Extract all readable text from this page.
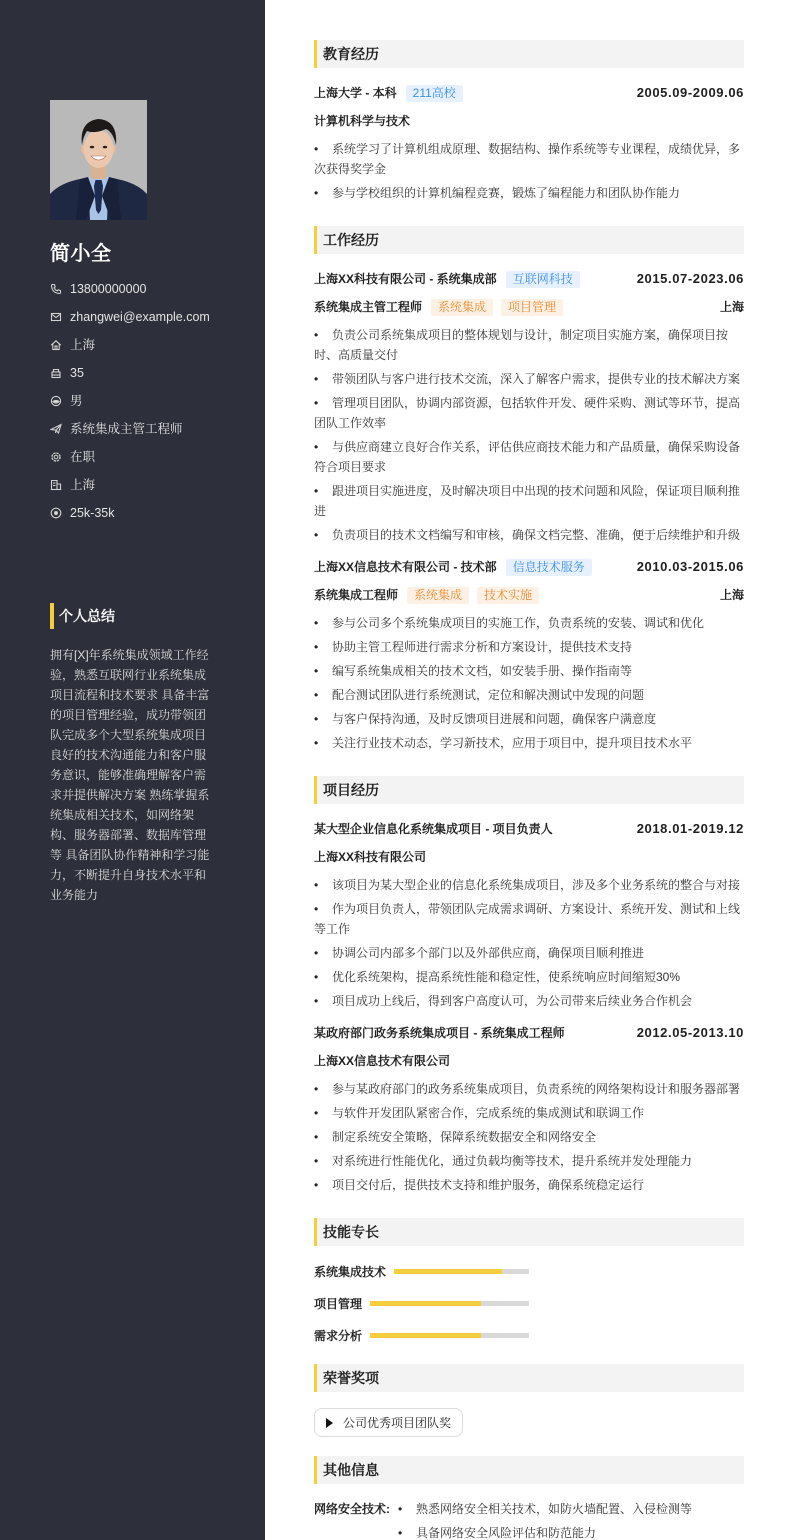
简小全
13800000000
zhangwei@example.com
上海
35
男
系统集成主管工程师
在职
上海
25k-35k
个人总结

拥有[X]年系统集成领域工作经验，熟悉互联网行业系统集成项目流程和技术要求 具备丰富的项目管理经验，成功带领团队完成多个大型系统集成项目 良好的技术沟通能力和客户服务意识，能够准确理解客户需求并提供解决方案 熟练掌握系统集成相关技术，如网络架构、服务器部署、数据库管理等 具备团队协作精神和学习能力，不断提升自身技术水平和业务能力

教育经历
上海大学 - 本科	211高校	2005.09-2009.06
计算机科学与技术
• 系统学习了计算机组成原理、数据结构、操作系统等专业课程，成绩优异，多次获得奖学金
• 参与学校组织的计算机编程竞赛，锻炼了编程能力和团队协作能力
工作经历
上海XX科技有限公司 - 系统集成部	互联网科技	2015.07-2023.06
系统集成主管工程师	系统集成	项目管理	上海
• 负责公司系统集成项目的整体规划与设计，制定项目实施方案，确保项目按时、高质量交付
• 带领团队与客户进行技术交流，深入了解客户需求，提供专业的技术解决方案
• 管理项目团队，协调内部资源，包括软件开发、硬件采购、测试等环节，提高团队工作效率
• 与供应商建立良好合作关系，评估供应商技术能力和产品质量，确保采购设备符合项目要求
• 跟进项目实施进度，及时解决项目中出现的技术问题和风险，保证项目顺利推进
• 负责项目的技术文档编写和审核，确保文档完整、准确，便于后续维护和升级
上海XX信息技术有限公司 - 技术部	信息技术服务	2010.03-2015.06
系统集成工程师	系统集成	技术实施	上海
• 参与公司多个系统集成项目的实施工作，负责系统的安装、调试和优化
• 协助主管工程师进行需求分析和方案设计，提供技术支持
• 编写系统集成相关的技术文档，如安装手册、操作指南等
• 配合测试团队进行系统测试，定位和解决测试中发现的问题
• 与客户保持沟通，及时反馈项目进展和问题，确保客户满意度
• 关注行业技术动态，学习新技术，应用于项目中，提升项目技术水平
项目经历
某大型企业信息化系统集成项目 - 项目负责人	2018.01-2019.12
上海XX科技有限公司
• 该项目为某大型企业的信息化系统集成项目，涉及多个业务系统的整合与对接
• 作为项目负责人，带领团队完成需求调研、方案设计、系统开发、测试和上线等工作
• 协调公司内部多个部门以及外部供应商，确保项目顺利推进
• 优化系统架构，提高系统性能和稳定性，使系统响应时间缩短30%
• 项目成功上线后，得到客户高度认可，为公司带来后续业务合作机会
某政府部门政务系统集成项目 - 系统集成工程师	2012.05-2013.10
上海XX信息技术有限公司
• 参与某政府部门的政务系统集成项目，负责系统的网络架构设计和服务器部署
• 与软件开发团队紧密合作，完成系统的集成测试和联调工作
• 制定系统安全策略，保障系统数据安全和网络安全
• 对系统进行性能优化，通过负载均衡等技术，提升系统并发处理能力
• 项目交付后，提供技术支持和维护服务，确保系统稳定运行
技能专长
系统集成技术
项目管理
需求分析
荣誉奖项
公司优秀项目团队奖
其他信息
网络安全技术:	• 熟悉网络安全相关技术，如防火墙配置、入侵检测等
• 具备网络安全风险评估和防范能力
